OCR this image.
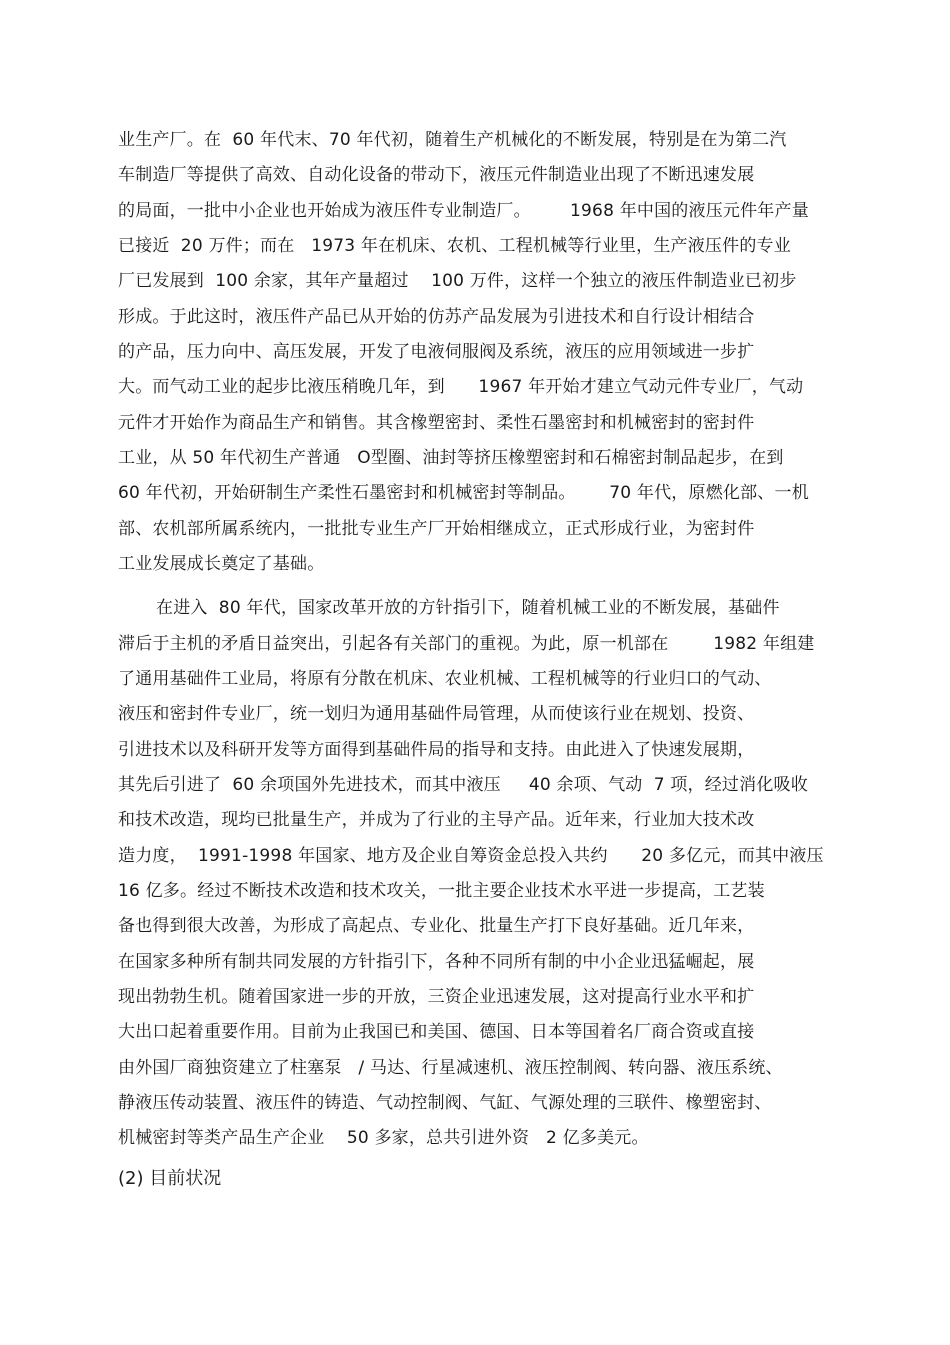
业生产厂。在  60 年代末、70 年代初，随着生产机械化的不断发展，特别是在为第二汽
车制造厂等提供了高效、自动化设备的带动下，液压元件制造业出现了不断迅速发展
的局面，一批中小企业也开始成为液压件专业制造厂。       1968 年中国的液压元件年产量
已接近  20 万件；而在   1973 年在机床、农机、工程机械等行业里，生产液压件的专业
厂已发展到  100 余家，其年产量超过    100 万件，这样一个独立的液压件制造业已初步
形成。于此这时，液压件产品已从开始的仿苏产品发展为引进技术和自行设计相结合
的产品，压力向中、高压发展，开发了电液伺服阀及系统，液压的应用领域进一步扩
大。而气动工业的起步比液压稍晚几年，到      1967 年开始才建立气动元件专业厂，气动
元件才开始作为商品生产和销售。其含橡塑密封、柔性石墨密封和机械密封的密封件
工业，从 50 年代初生产普通   O型圈、油封等挤压橡塑密封和石棉密封制品起步，在到
60 年代初，开始研制生产柔性石墨密封和机械密封等制品。      70 年代，原燃化部、一机
部、农机部所属系统内，一批批专业生产厂开始相继成立，正式形成行业，为密封件
工业发展成长奠定了基础。
在进入  80 年代，国家改革开放的方针指引下，随着机械工业的不断发展，基础件
滞后于主机的矛盾日益突出，引起各有关部门的重视。为此，原一机部在        1982 年组建
了通用基础件工业局，将原有分散在机床、农业机械、工程机械等的行业归口的气动、
液压和密封件专业厂，统一划归为通用基础件局管理，从而使该行业在规划、投资、
引进技术以及科研开发等方面得到基础件局的指导和支持。由此进入了快速发展期，
其先后引进了  60 余项国外先进技术，而其中液压     40 余项、气动  7 项，经过消化吸收
和技术改造，现均已批量生产，并成为了行业的主导产品。近年来，行业加大技术改
造力度，  1991-1998 年国家、地方及企业自筹资金总投入共约      20 多亿元，而其中液压
16 亿多。经过不断技术改造和技术攻关，一批主要企业技术水平进一步提高，工艺装
备也得到很大改善，为形成了高起点、专业化、批量生产打下良好基础。近几年来，
在国家多种所有制共同发展的方针指引下，各种不同所有制的中小企业迅猛崛起，展
现出勃勃生机。随着国家进一步的开放，三资企业迅速发展，这对提高行业水平和扩
大出口起着重要作用。目前为止我国已和美国、德国、日本等国着名厂商合资或直接
由外国厂商独资建立了柱塞泵   / 马达、行星减速机、液压控制阀、转向器、液压系统、
静液压传动装置、液压件的铸造、气动控制阀、气缸、气源处理的三联件、橡塑密封、
机械密封等类产品生产企业    50 多家，总共引进外资   2 亿多美元。
(2) 目前状况
